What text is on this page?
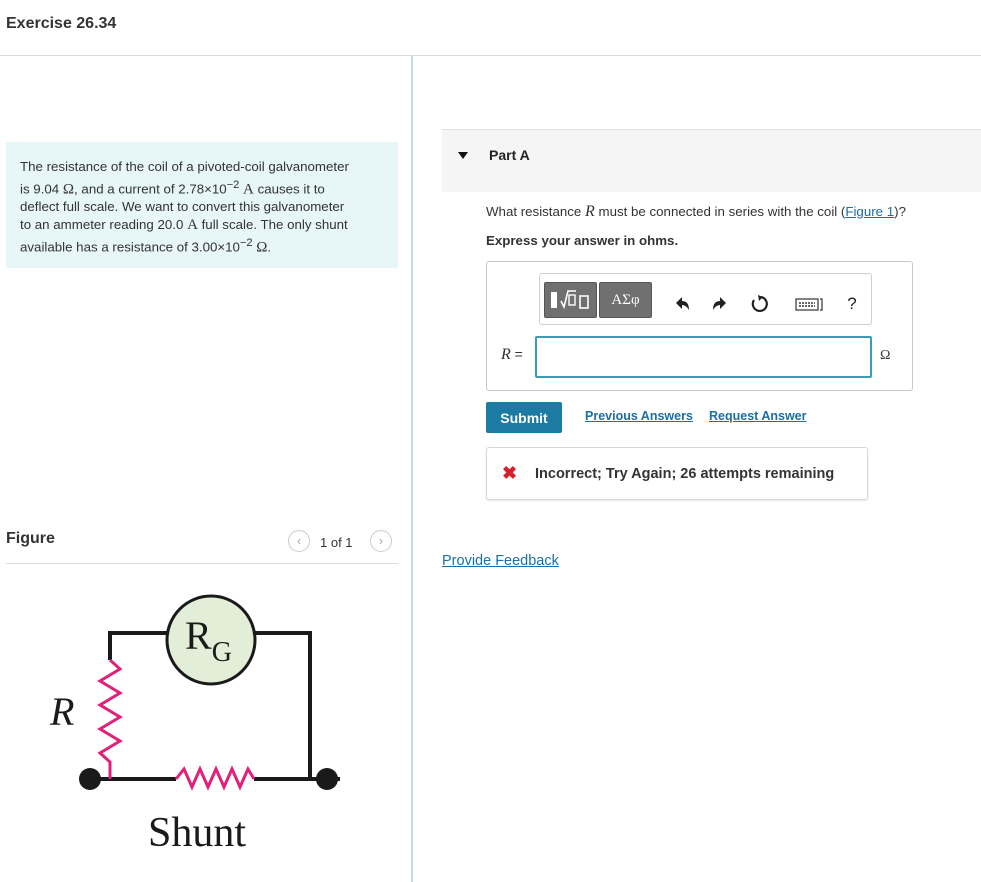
Exercise 26.34
The resistance of the coil of a pivoted-coil galvanometer
is 9.04 Ω, and a current of $2.78\times 10^{-2}$ A causes it to
deflect full scale. We want to convert this galvanometer
to an ammeter reading 20.0 A full scale. The only shunt
available has a resistance of $3.00\times 10^{-2}$ Ω.
Figure	‹	1 of 1	›
$R_G$
R
Shunt
Part A
What resistance R must be connected in series with the coil (Figure 1)?
Express your answer in ohms.
ΑΣφ	?
R =	Ω
Submit	Previous Answers Request Answer
✖ Incorrect; Try Again; 26 attempts remaining
Provide Feedback
